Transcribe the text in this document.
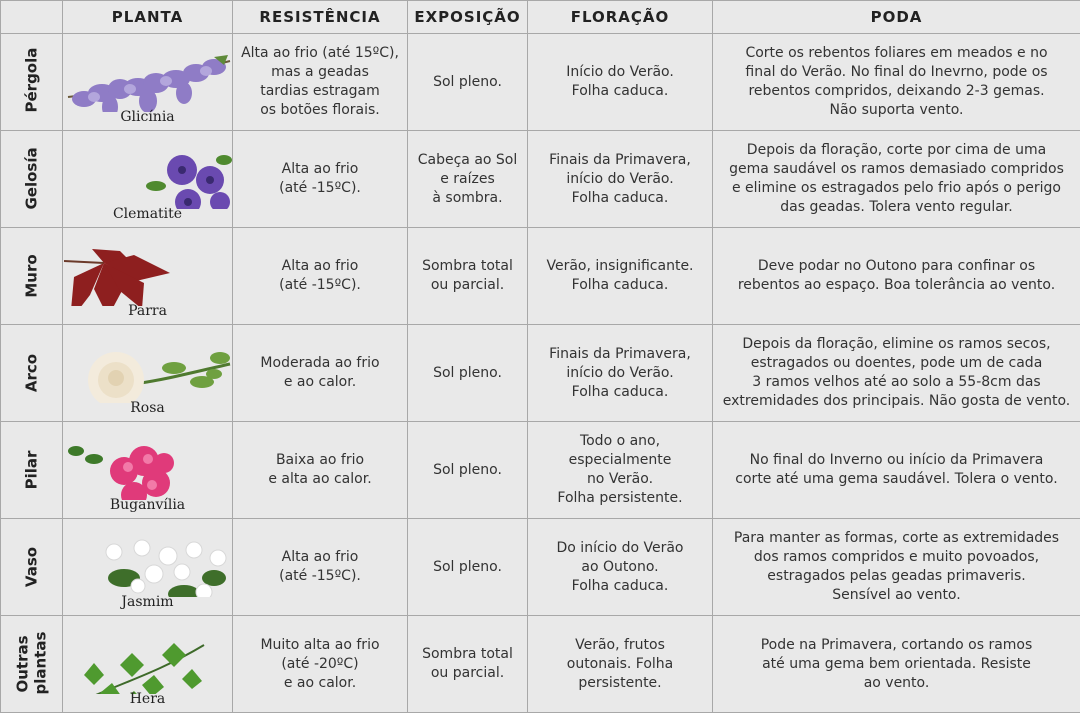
	PLANTA	RESISTÊNCIA	EXPOSIÇÃO	FLORAÇÃO	PODA

Pérgola	Glicínia	Alta ao frio (até 15ºC),
mas a geadas
tardias estragam
os botões florais.	Sol pleno.	Início do Verão.
Folha caduca.	Corte os rebentos foliares em meados e no
final do Verão. No final do Inevrno, pode os
rebentos compridos, deixando 2-3 gemas.
Não suporta vento.

Gelosía	Clematite	Alta ao frio
(até -15ºC).	Cabeça ao Sol
e raízes
à sombra.	Finais da Primavera,
início do Verão.
Folha caduca.	Depois da floração, corte por cima de uma
gema saudável os ramos demasiado compridos
e elimine os estragados pelo frio após o perigo
das geadas. Tolera vento regular.

Muro	Parra	Alta ao frio
(até -15ºC).	Sombra total
ou parcial.	Verão, insignificante.
Folha caduca.	Deve podar no Outono para confinar os
rebentos ao espaço. Boa tolerância ao vento.

Arco	Rosa	Moderada ao frio
e ao calor.	Sol pleno.	Finais da Primavera,
início do Verão.
Folha caduca.	Depois da floração, elimine os ramos secos,
estragados ou doentes, pode um de cada
3 ramos velhos até ao solo a 55-8cm das
extremidades dos principais. Não gosta de vento.

Pilar	Buganvília	Baixa ao frio
e alta ao calor.	Sol pleno.	Todo o ano,
especialmente
no Verão.
Folha persistente.	No final do Inverno ou início da Primavera
corte até uma gema saudável. Tolera o vento.

Vaso	Jasmim	Alta ao frio
(até -15ºC).	Sol pleno.	Do início do Verão
ao Outono.
Folha caduca.	Para manter as formas, corte as extremidades
dos ramos compridos e muito povoados,
estragados pelas geadas primaveris.
Sensível ao vento.

Outras
plantas	Hera	Muito alta ao frio
(até -20ºC)
e ao calor.	Sombra total
ou parcial.	Verão, frutos
outonais. Folha
persistente.	Pode na Primavera, cortando os ramos
até uma gema bem orientada. Resiste
ao vento.
